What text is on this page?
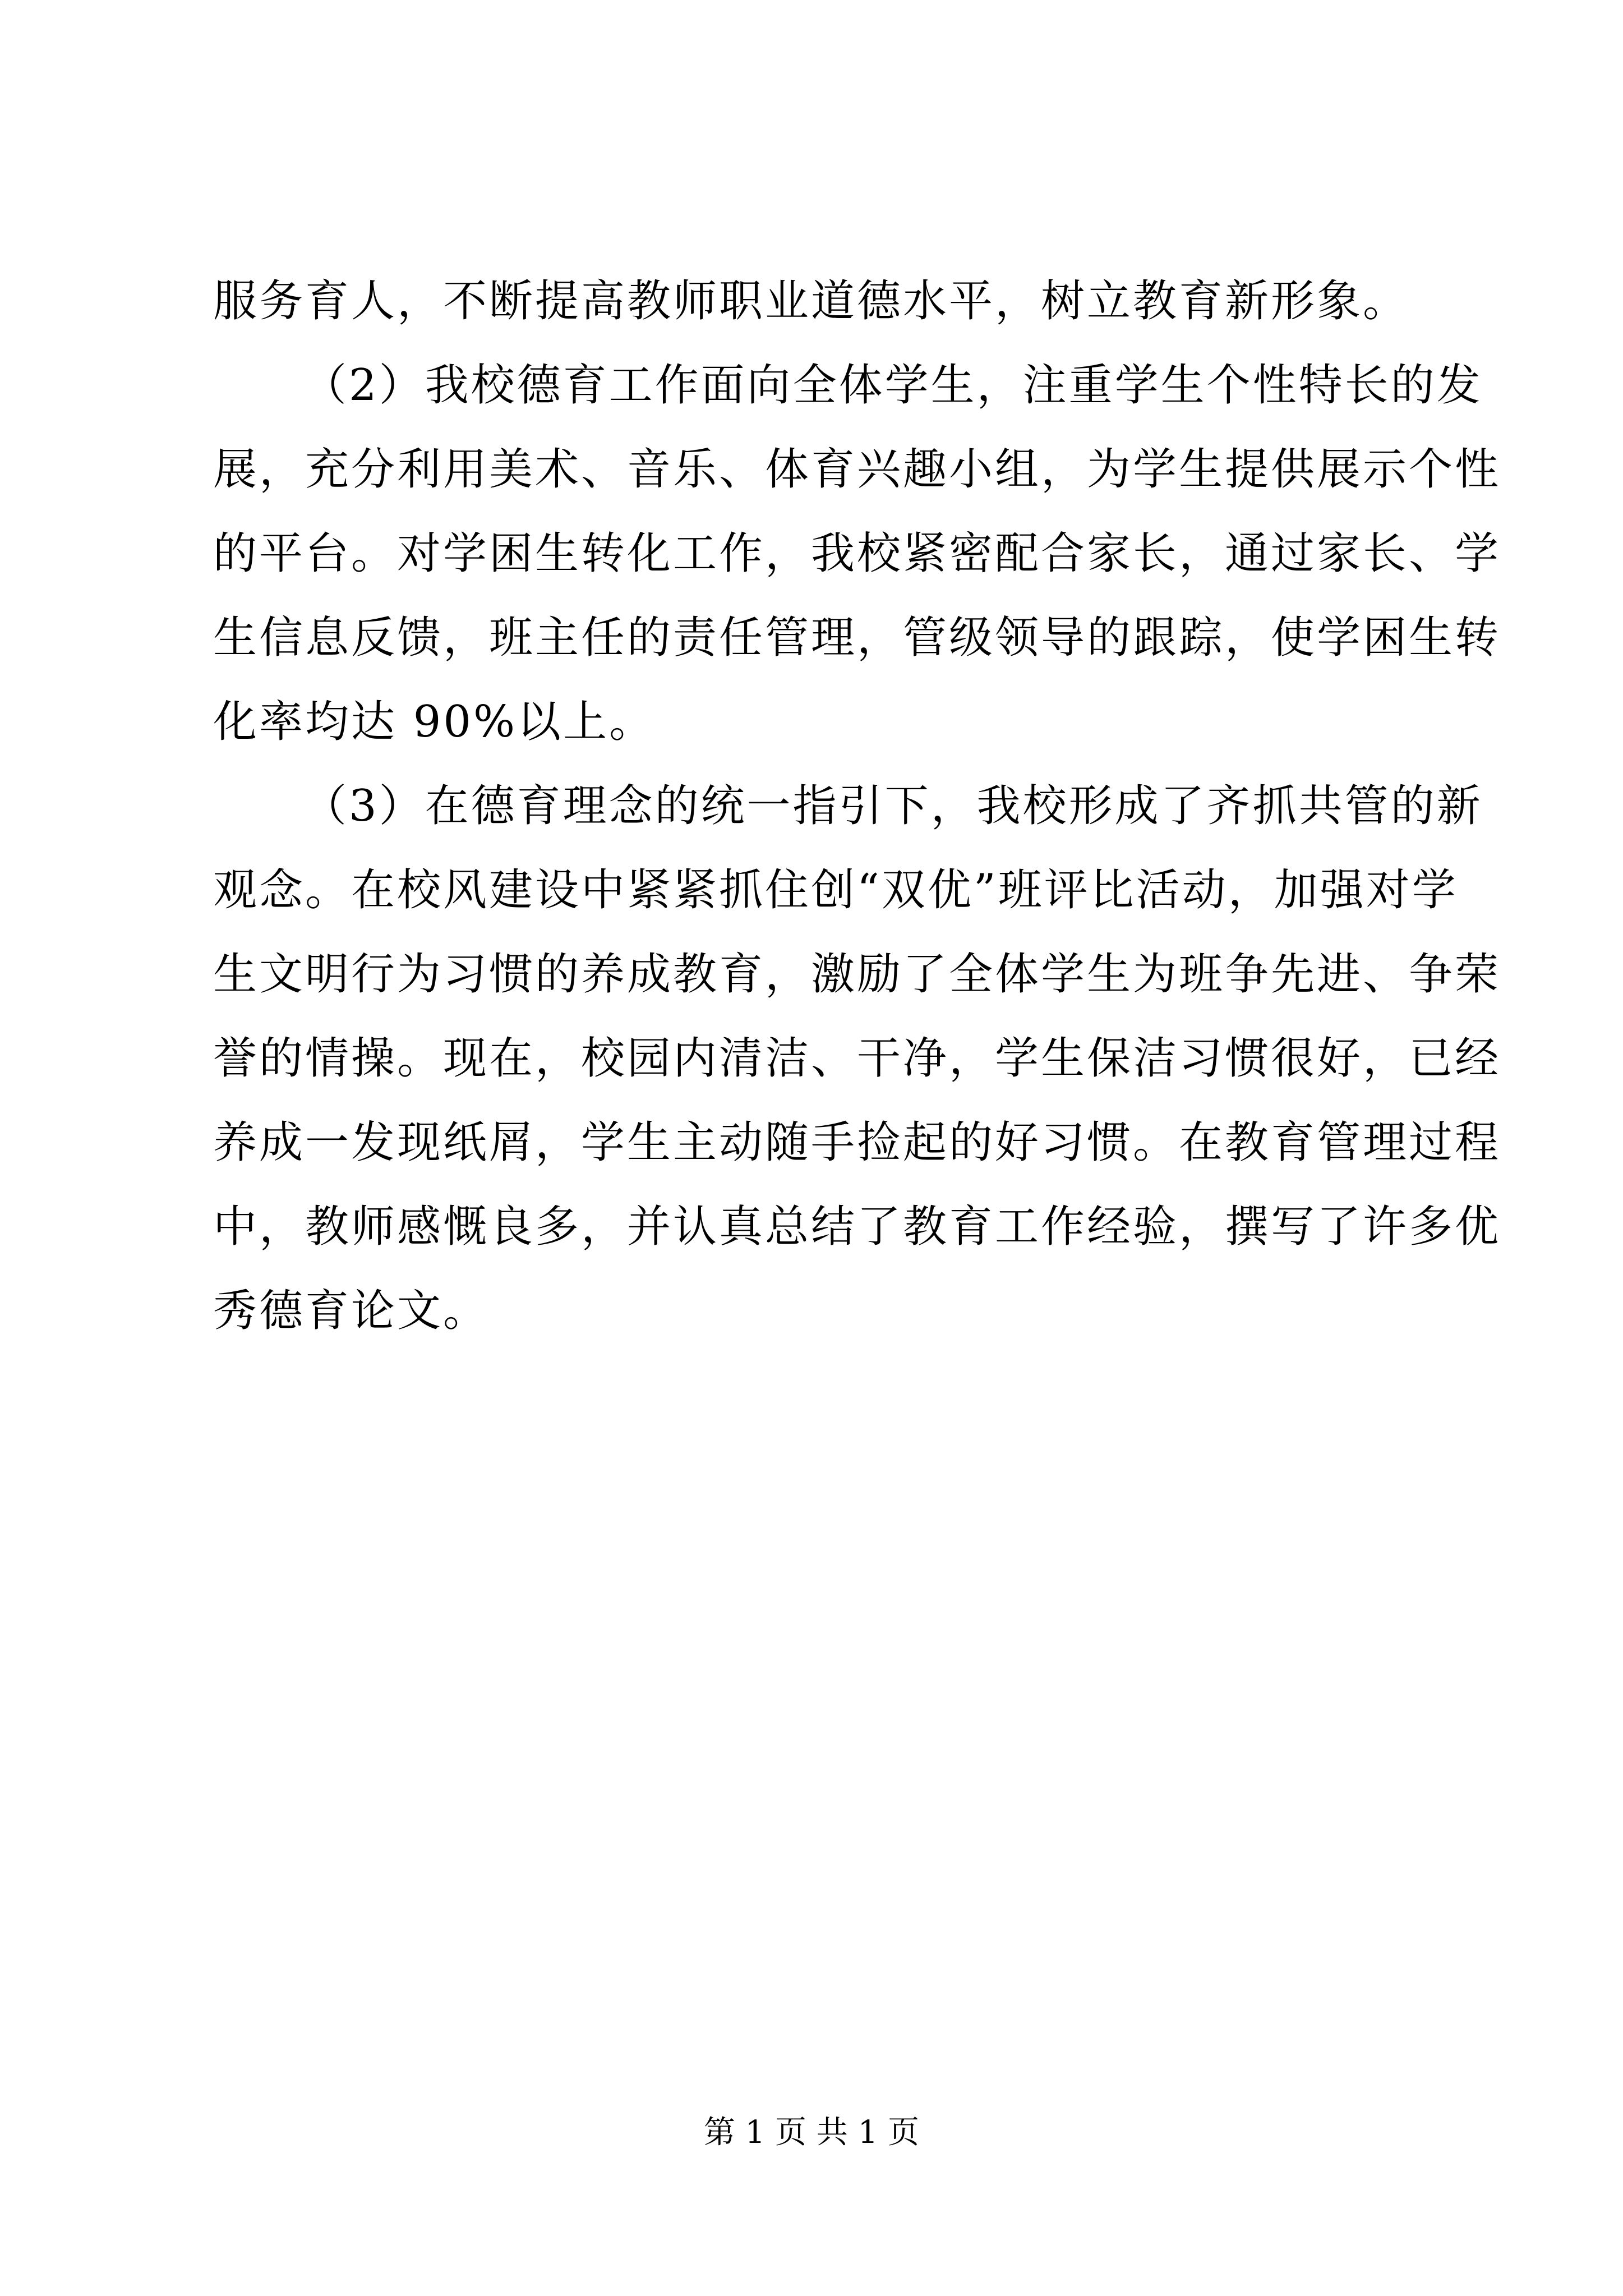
服务育人，不断提高教师职业道德水平，树立教育新形象。
（2）我校德育工作面向全体学生，注重学生个性特长的发
展，充分利用美术、音乐、体育兴趣小组，为学生提供展示个性
的平台。对学困生转化工作，我校紧密配合家长，通过家长、学
生信息反馈，班主任的责任管理，管级领导的跟踪，使学困生转
化率均达 90%以上。
（3）在德育理念的统一指引下，我校形成了齐抓共管的新
观念。在校风建设中紧紧抓住创“双优”班评比活动，加强对学
生文明行为习惯的养成教育，激励了全体学生为班争先进、争荣
誉的情操。现在，校园内清洁、干净，学生保洁习惯很好，已经
养成一发现纸屑，学生主动随手捡起的好习惯。在教育管理过程
中，教师感慨良多，并认真总结了教育工作经验，撰写了许多优
秀德育论文。
第 1 页 共 1 页
